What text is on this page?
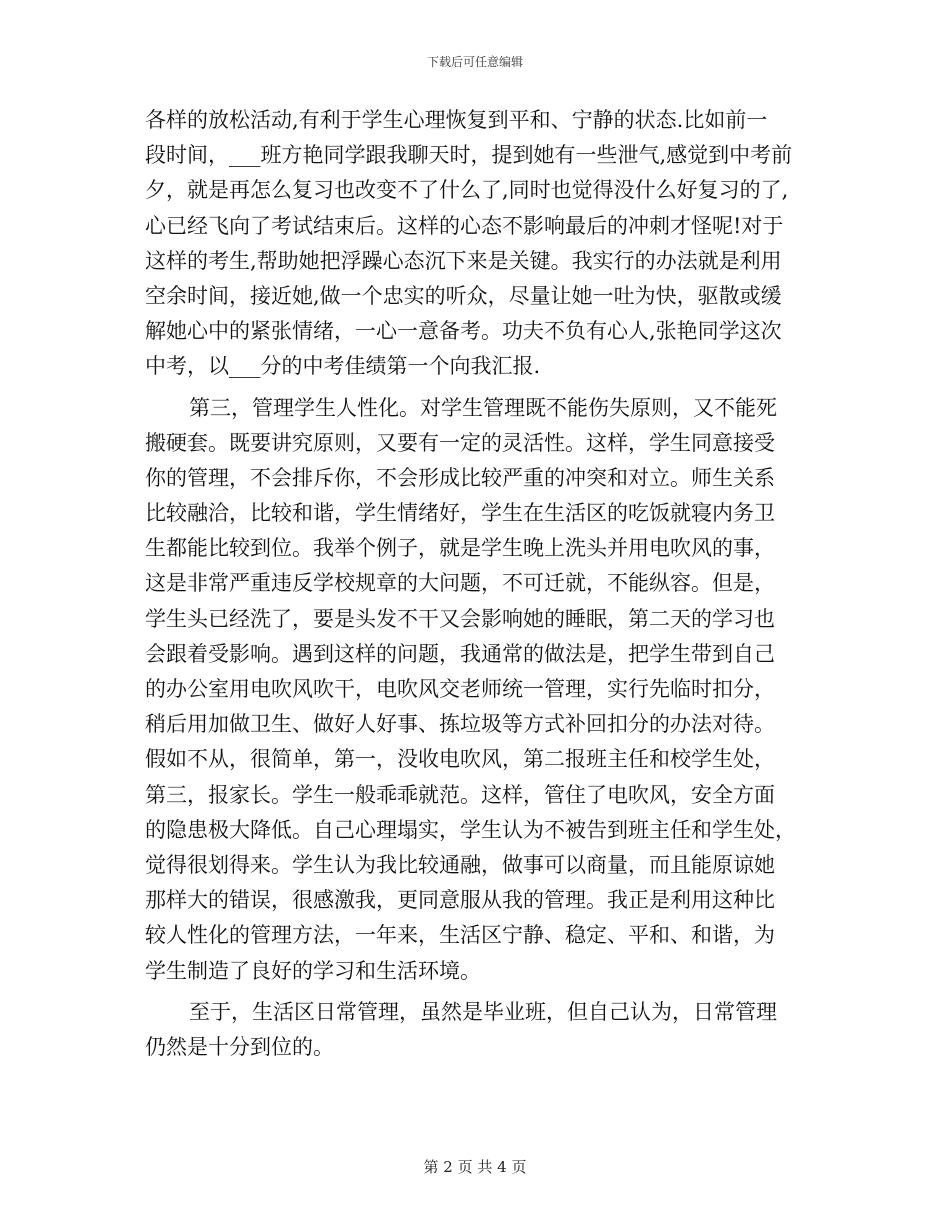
下载后可任意编辑
各样的放松活动,有利于学生心理恢复到平和、宁静的状态.比如前一
段时间，___班方艳同学跟我聊天时，提到她有一些泄气,感觉到中考前
夕，就是再怎么复习也改变不了什么了,同时也觉得没什么好复习的了,
心已经飞向了考试结束后。这样的心态不影响最后的冲刺才怪呢!对于
这样的考生,帮助她把浮躁心态沉下来是关键。我实行的办法就是利用
空余时间，接近她,做一个忠实的听众，尽量让她一吐为快，驱散或缓
解她心中的紧张情绪，一心一意备考。功夫不负有心人,张艳同学这次
中考，以___分的中考佳绩第一个向我汇报.
第三，管理学生人性化。对学生管理既不能伤失原则，又不能死
搬硬套。既要讲究原则，又要有一定的灵活性。这样，学生同意接受
你的管理，不会排斥你，不会形成比较严重的冲突和对立。师生关系
比较融洽，比较和谐，学生情绪好，学生在生活区的吃饭就寝内务卫
生都能比较到位。我举个例子，就是学生晚上洗头并用电吹风的事，
这是非常严重违反学校规章的大问题，不可迁就，不能纵容。但是，
学生头已经洗了，要是头发不干又会影响她的睡眠，第二天的学习也
会跟着受影响。遇到这样的问题，我通常的做法是，把学生带到自己
的办公室用电吹风吹干，电吹风交老师统一管理，实行先临时扣分，
稍后用加做卫生、做好人好事、拣垃圾等方式补回扣分的办法对待。
假如不从，很简单，第一，没收电吹风，第二报班主任和校学生处，
第三，报家长。学生一般乖乖就范。这样，管住了电吹风，安全方面
的隐患极大降低。自己心理塌实，学生认为不被告到班主任和学生处，
觉得很划得来。学生认为我比较通融，做事可以商量，而且能原谅她
那样大的错误，很感激我，更同意服从我的管理。我正是利用这种比
较人性化的管理方法，一年来，生活区宁静、稳定、平和、和谐，为
学生制造了良好的学习和生活环境。
至于，生活区日常管理，虽然是毕业班，但自己认为，日常管理
仍然是十分到位的。
第 2 页 共 4 页
